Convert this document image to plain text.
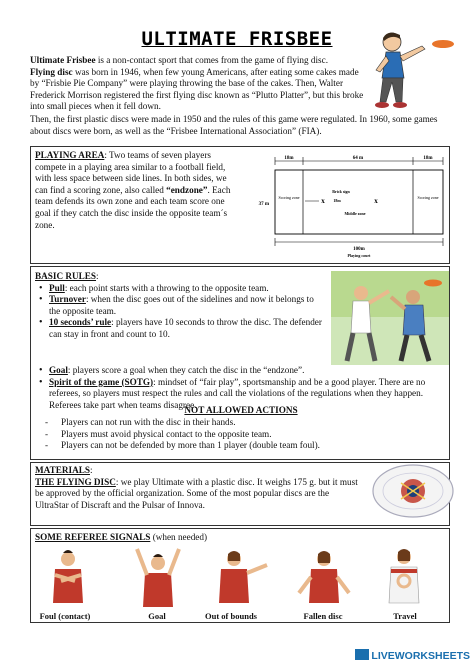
ULTIMATE FRISBEE
Ultimate Frisbee is a non-contact sport that comes from the game of flying disc.
Flying disc was born in 1946, when few young Americans, after eating some cakes made by “Frisbie Pie Company” were playing throwing the base of the cakes. Then, Walter Frederick Morrison registered the first flying disc known as “Plutto Platter”, but this broke into small pieces when it fell down.
Then, the first plastic discs were made in 1950 and the rules of this game were regulated. In 1960, some games about discs were born, as well as the “Frisbee International Association” (FIA).
PLAYING AREA: Two teams of seven players compete in a playing area similar to a football field, with less space between side lines. In both sides, we can find a scoring zone, also called “endzone”. Each team defends its own zone and each team score one goal if they catch the disc inside the opposite team´s zone.
18m	64 m	18m
37 m
Scoring zone	Scoring zone
Brick sign
x	x
18m
Middle zone
100m
Playing court
BASIC RULES:
• Pull: each point starts with a throwing to the opposite team.
• Turnover: when the disc goes out of the sidelines and now it belongs to the opposite team.
• 10 seconds’ rule: players have 10 seconds to throw the disc. The defender can stay in front and count to 10.
• Goal: players score a goal when they catch the disc in the “endzone”.
• Spirit of the game (SOTG): mindset of “fair play”, sportsmanship and be a good player. There are no referees, so players must respect the rules and call the violations of the regulations when they happen. Referees take part when teams disagree.
NOT ALLOWED ACTIONS
- Players can not run with the disc in their hands.
- Players must avoid physical contact to the opposite team.
- Players can not be defended by more than 1 player (double team foul).
MATERIALS:
THE FLYING DISC: we play Ultimate with a plastic disc. It weighs 175 g. but it must be approved by the official organization. Some of the most popular discs are the UltraStar of Discraft and the Pulsar of Innova.
SOME REFEREE SIGNALS (when needed)
Foul (contact)	Goal	Out of bounds	Fallen disc	Travel
LIVEWORKSHEETS
